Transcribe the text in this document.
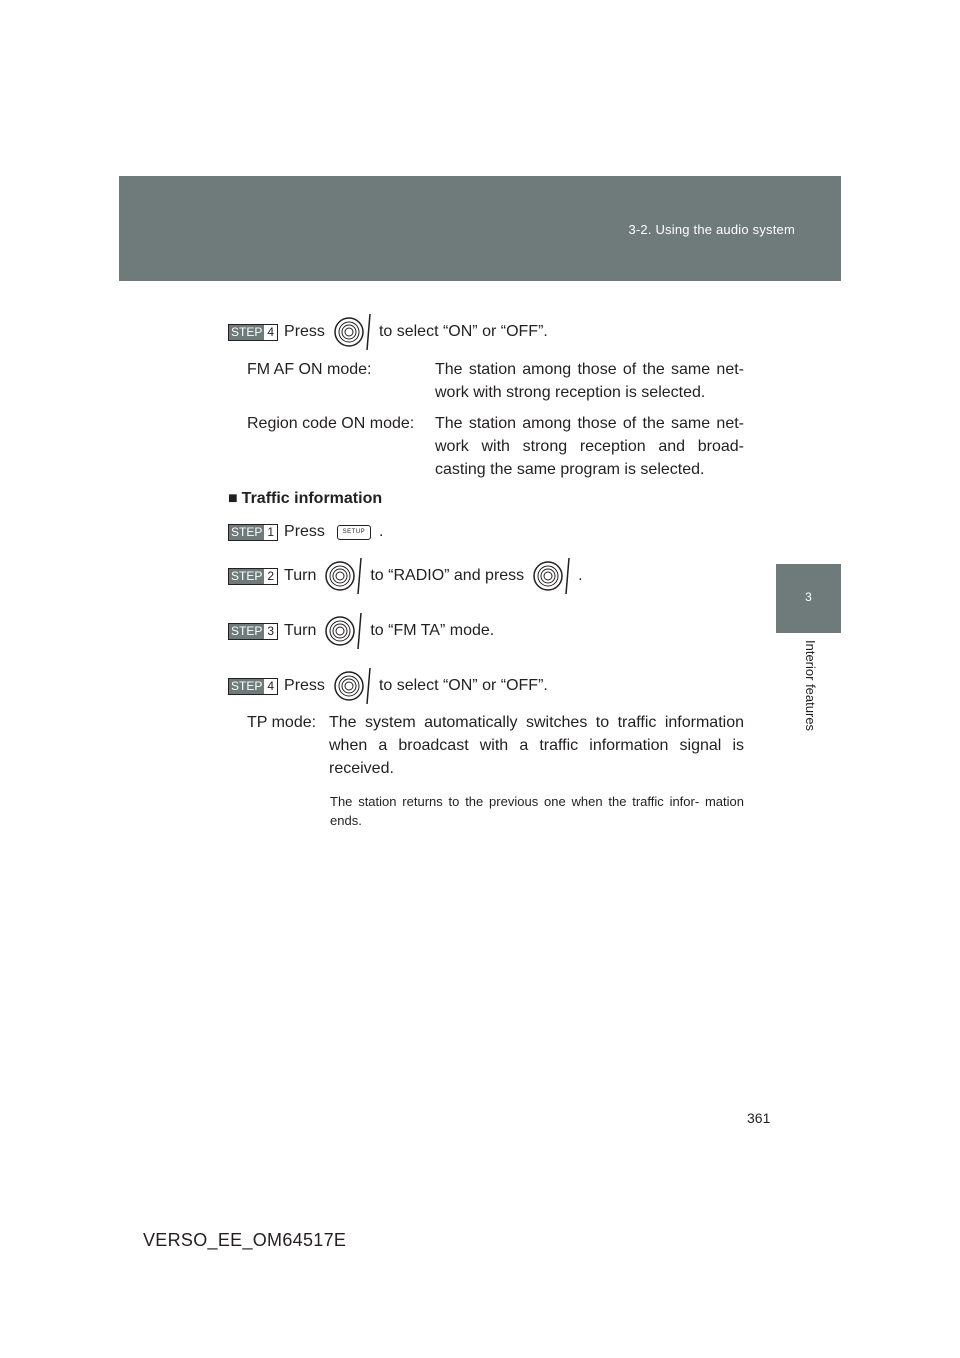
3-2. Using the audio system
3
Interior features
STEP 4 Press	to select “ON” or “OFF”.
FM AF ON mode:	The station among those of the same net- work with strong reception is selected.
Region code ON mode: The station among those of the same net- work with strong reception and broad- casting the same program is selected.
■ Traffic information
STEP 1 Press	SETUP .
STEP 2 Turn	to “RADIO” and press	.
STEP 3 Turn	to “FM TA” mode.
STEP 4 Press	to select “ON” or “OFF”.
TP mode: The system automatically switches to traffic information when a broadcast with a traffic information signal is received.
The station returns to the previous one when the traffic infor- mation ends.
361
VERSO_EE_OM64517E
